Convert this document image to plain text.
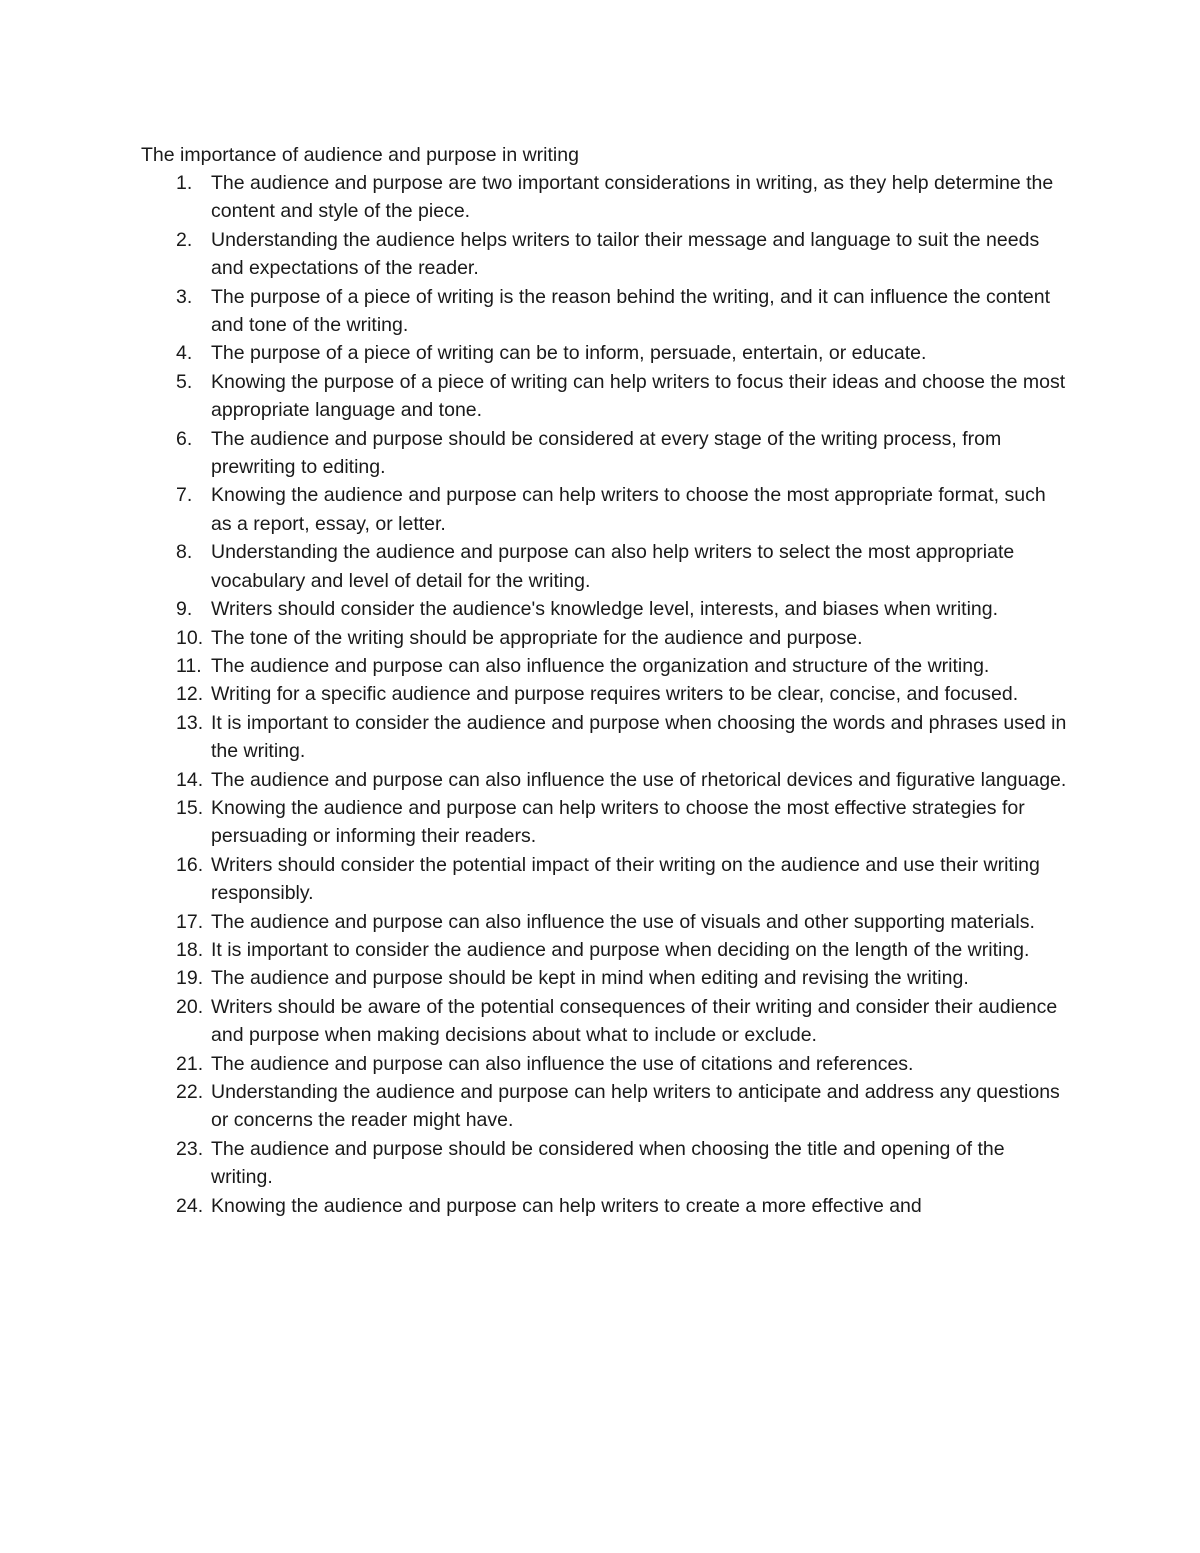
The importance of audience and purpose in writing
1. The audience and purpose are two important considerations in writing, as they help determine the content and style of the piece.
2. Understanding the audience helps writers to tailor their message and language to suit the needs and expectations of the reader.
3. The purpose of a piece of writing is the reason behind the writing, and it can influence the content and tone of the writing.
4. The purpose of a piece of writing can be to inform, persuade, entertain, or educate.
5. Knowing the purpose of a piece of writing can help writers to focus their ideas and choose the most appropriate language and tone.
6. The audience and purpose should be considered at every stage of the writing process, from prewriting to editing.
7. Knowing the audience and purpose can help writers to choose the most appropriate format, such as a report, essay, or letter.
8. Understanding the audience and purpose can also help writers to select the most appropriate vocabulary and level of detail for the writing.
9. Writers should consider the audience's knowledge level, interests, and biases when writing.
10. The tone of the writing should be appropriate for the audience and purpose.
11. The audience and purpose can also influence the organization and structure of the writing.
12. Writing for a specific audience and purpose requires writers to be clear, concise, and focused.
13. It is important to consider the audience and purpose when choosing the words and phrases used in the writing.
14. The audience and purpose can also influence the use of rhetorical devices and figurative language.
15. Knowing the audience and purpose can help writers to choose the most effective strategies for persuading or informing their readers.
16. Writers should consider the potential impact of their writing on the audience and use their writing responsibly.
17. The audience and purpose can also influence the use of visuals and other supporting materials.
18. It is important to consider the audience and purpose when deciding on the length of the writing.
19. The audience and purpose should be kept in mind when editing and revising the writing.
20. Writers should be aware of the potential consequences of their writing and consider their audience and purpose when making decisions about what to include or exclude.
21. The audience and purpose can also influence the use of citations and references.
22. Understanding the audience and purpose can help writers to anticipate and address any questions or concerns the reader might have.
23. The audience and purpose should be considered when choosing the title and opening of the writing.
24. Knowing the audience and purpose can help writers to create a more effective and
